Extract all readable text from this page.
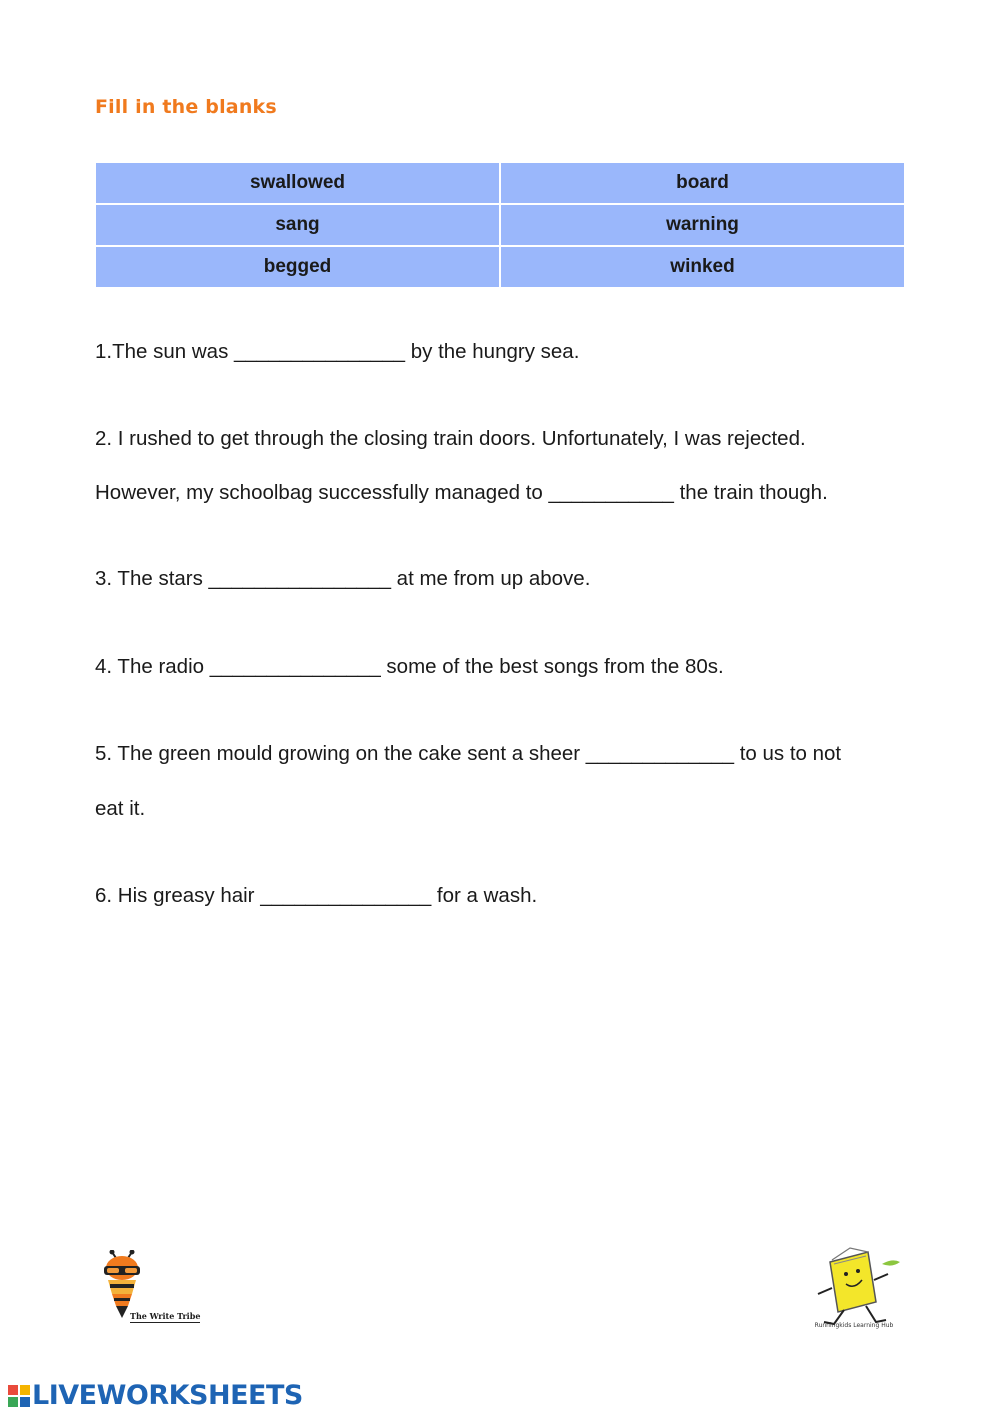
Fill in the blanks
swallowed	board
sang	warning
begged	winked
1.The sun was _______________ by the hungry sea.
2. I rushed to get through the closing train doors. Unfortunately, I was rejected.
However, my schoolbag successfully managed to ___________ the train though.
3. The stars ________________ at me from up above.
4. The radio _______________ some of the best songs from the 80s.
5. The green mould growing on the cake sent a sheer _____________ to us to not
eat it.
6. His greasy hair _______________ for a wash.
The Write Tribe
Runningkids Learning Hub
LIVEWORKSHEETS
